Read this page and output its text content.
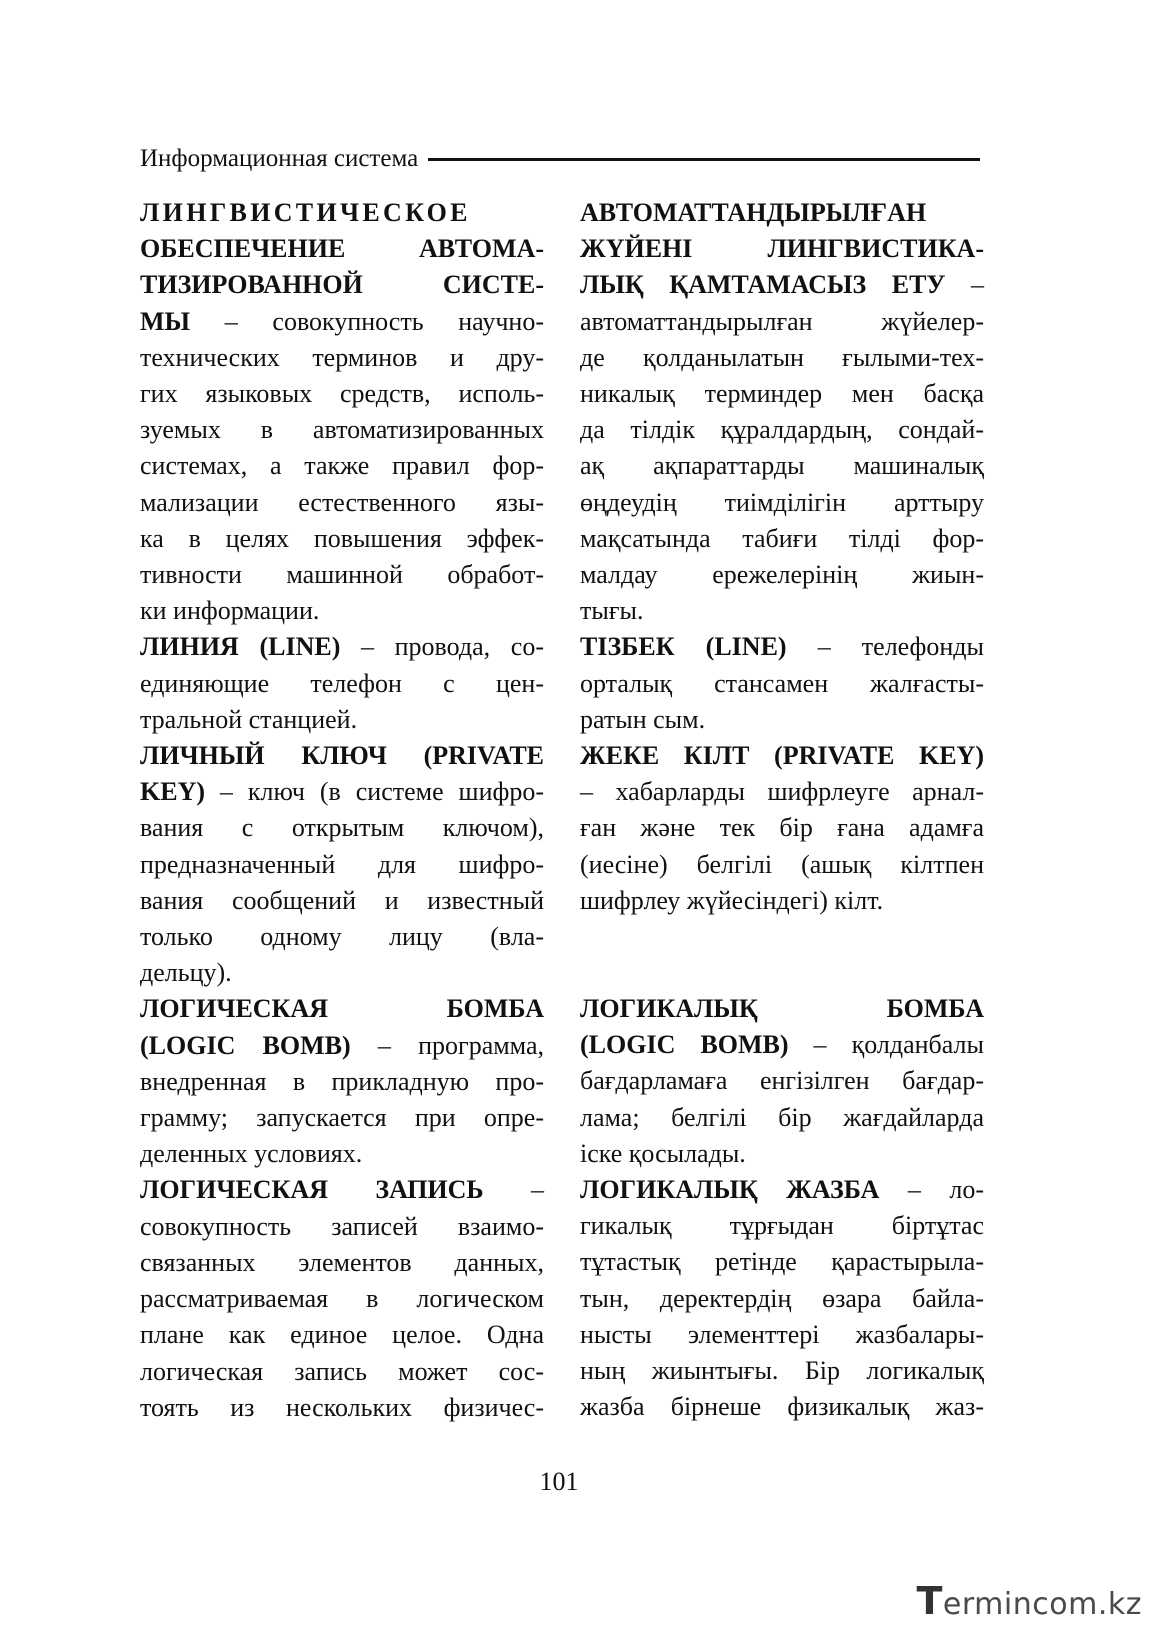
Информационная система
ЛИНГВИСТИЧЕСКОЕ
ОБЕСПЕЧЕНИЕ АВТОМА-
ТИЗИРОВАННОЙ СИСТЕ-
МЫ – совокупность научно-
технических терминов и дру-
гих языковых средств, исполь-
зуемых в автоматизированных
системах, а также правил фор-
мализации естественного язы-
ка в целях повышения эффек-
тивности машинной обработ-
ки информации.
ЛИНИЯ (LINE) – провода, со-
единяющие телефон с цен-
тральной станцией.
ЛИЧНЫЙ КЛЮЧ (PRIVATE
KEY) – ключ (в системе шифро-
вания с открытым ключом),
предназначенный для шифро-
вания сообщений и известный
только одному лицу (вла-
дельцу).
ЛОГИЧЕСКАЯ БОМБА
(LOGIC BOMB) – программа,
внедренная в прикладную про-
грамму; запускается при опре-
деленных условиях.
ЛОГИЧЕСКАЯ ЗАПИСЬ –
совокупность записей взаимо-
связанных элементов данных,
рассматриваемая в логическом
плане как единое целое. Одна
логическая запись может сос-
тоять из нескольких физичес-
АВТОМАТТАНДЫРЫЛҒАН
ЖҮЙЕНІ ЛИНГВИСТИКА-
ЛЫҚ ҚАМТАМАСЫЗ ЕТУ –
автоматтандырылған жүйелер-
де қолданылатын ғылыми-тех-
никалық терминдер мен басқа
да тілдік құралдардың, сондай-
ақ ақпараттарды машиналық
өңдеудің тиімділігін арттыру
мақсатында табиғи тілді фор-
малдау ережелерінің жиын-
тығы.
ТІЗБЕК (LINE) – телефонды
орталық стансамен жалғасты-
ратын сым.
ЖЕКЕ КІЛТ (PRIVATE KEY)
– хабарларды шифрлеуге арнал-
ған және тек бір ғана адамға
(иесіне) белгілі (ашық кілтпен
шифрлеу жүйесіндегі) кілт.
ЛОГИКАЛЫҚ БОМБА
(LOGIC BOMB) – қолданбалы
бағдарламаға енгізілген бағдар-
лама; белгілі бір жағдайларда
іске қосылады.
ЛОГИКАЛЫҚ ЖАЗБА – ло-
гикалық тұрғыдан біртұтас
тұтастық ретінде қарастырыла-
тын, деректердің өзара байла-
нысты элементтері жазбалары-
ның жиынтығы. Бір логикалық
жазба бірнеше физикалық жаз-
101
Termincom.kz
